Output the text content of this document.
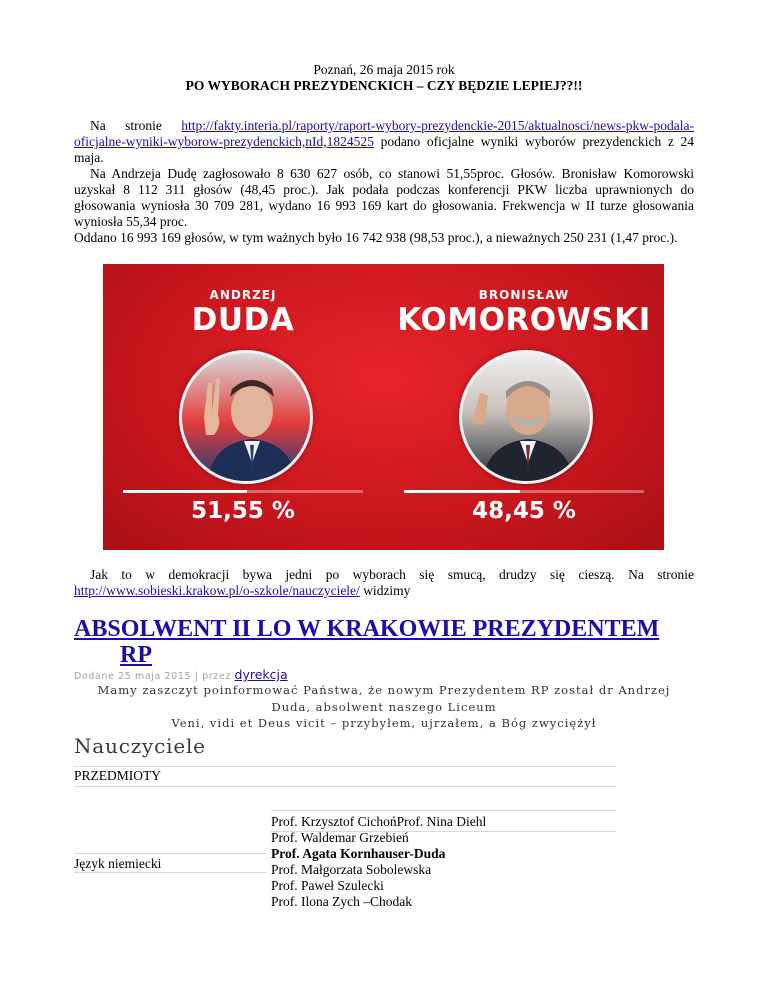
Poznań, 26 maja 2015 rok
PO WYBORACH PREZYDENCKICH – CZY BĘDZIE LEPIEJ??!!

Na stronie http://fakty.interia.pl/raporty/raport-wybory-prezydenckie-2015/aktualnosci/news-pkw-podala-oficjalne-wyniki-wyborow-prezydenckich,nId,1824525 podano oficjalne wyniki wyborów prezydenckich z 24 maja.

Na Andrzeja Dudę zagłosowało 8 630 627 osób, co stanowi 51,55proc. Głosów. Bronisław Komorowski uzyskał 8 112 311 głosów (48,45 proc.). Jak podała podczas konferencji PKW liczba uprawnionych do głosowania wyniosła 30 709 281, wydano 16 993 169 kart do głosowania. Frekwencja w II turze głosowania wyniosła 55,34 proc.

Oddano 16 993 169 głosów, w tym ważnych było 16 742 938 (98,53 proc.), a nieważnych 250 231 (1,47 proc.).

ANDRZEJ
DUDA
51,55 %
BRONISŁAW
KOMOROWSKI
48,45 %
Jak to w demokracji bywa jedni po wyborach się smucą, drudzy się cieszą. Na stronie http://www.sobieski.krakow.pl/o-szkole/nauczyciele/ widzimy
ABSOLWENT II LO W KRAKOWIE PREZYDENTEM
RP
Dodane 25 maja 2015 | przez dyrekcja

Mamy zaszczyt poinformować Państwa, że nowym Prezydentem RP został dr Andrzej

Duda, absolwent naszego Liceum

Veni, vidi et Deus vicit – przybyłem, ujrzałem, a Bóg zwyciężył

Nauczyciele
PRZEDMIOTY
Język niemiecki
Prof. Krzysztof CichońProf. Nina Diehl
Prof. Waldemar Grzebień
Prof. Agata Kornhauser-Duda
Prof. Małgorzata Sobolewska
Prof. Paweł Szulecki
Prof. Ilona Zych –Chodak
